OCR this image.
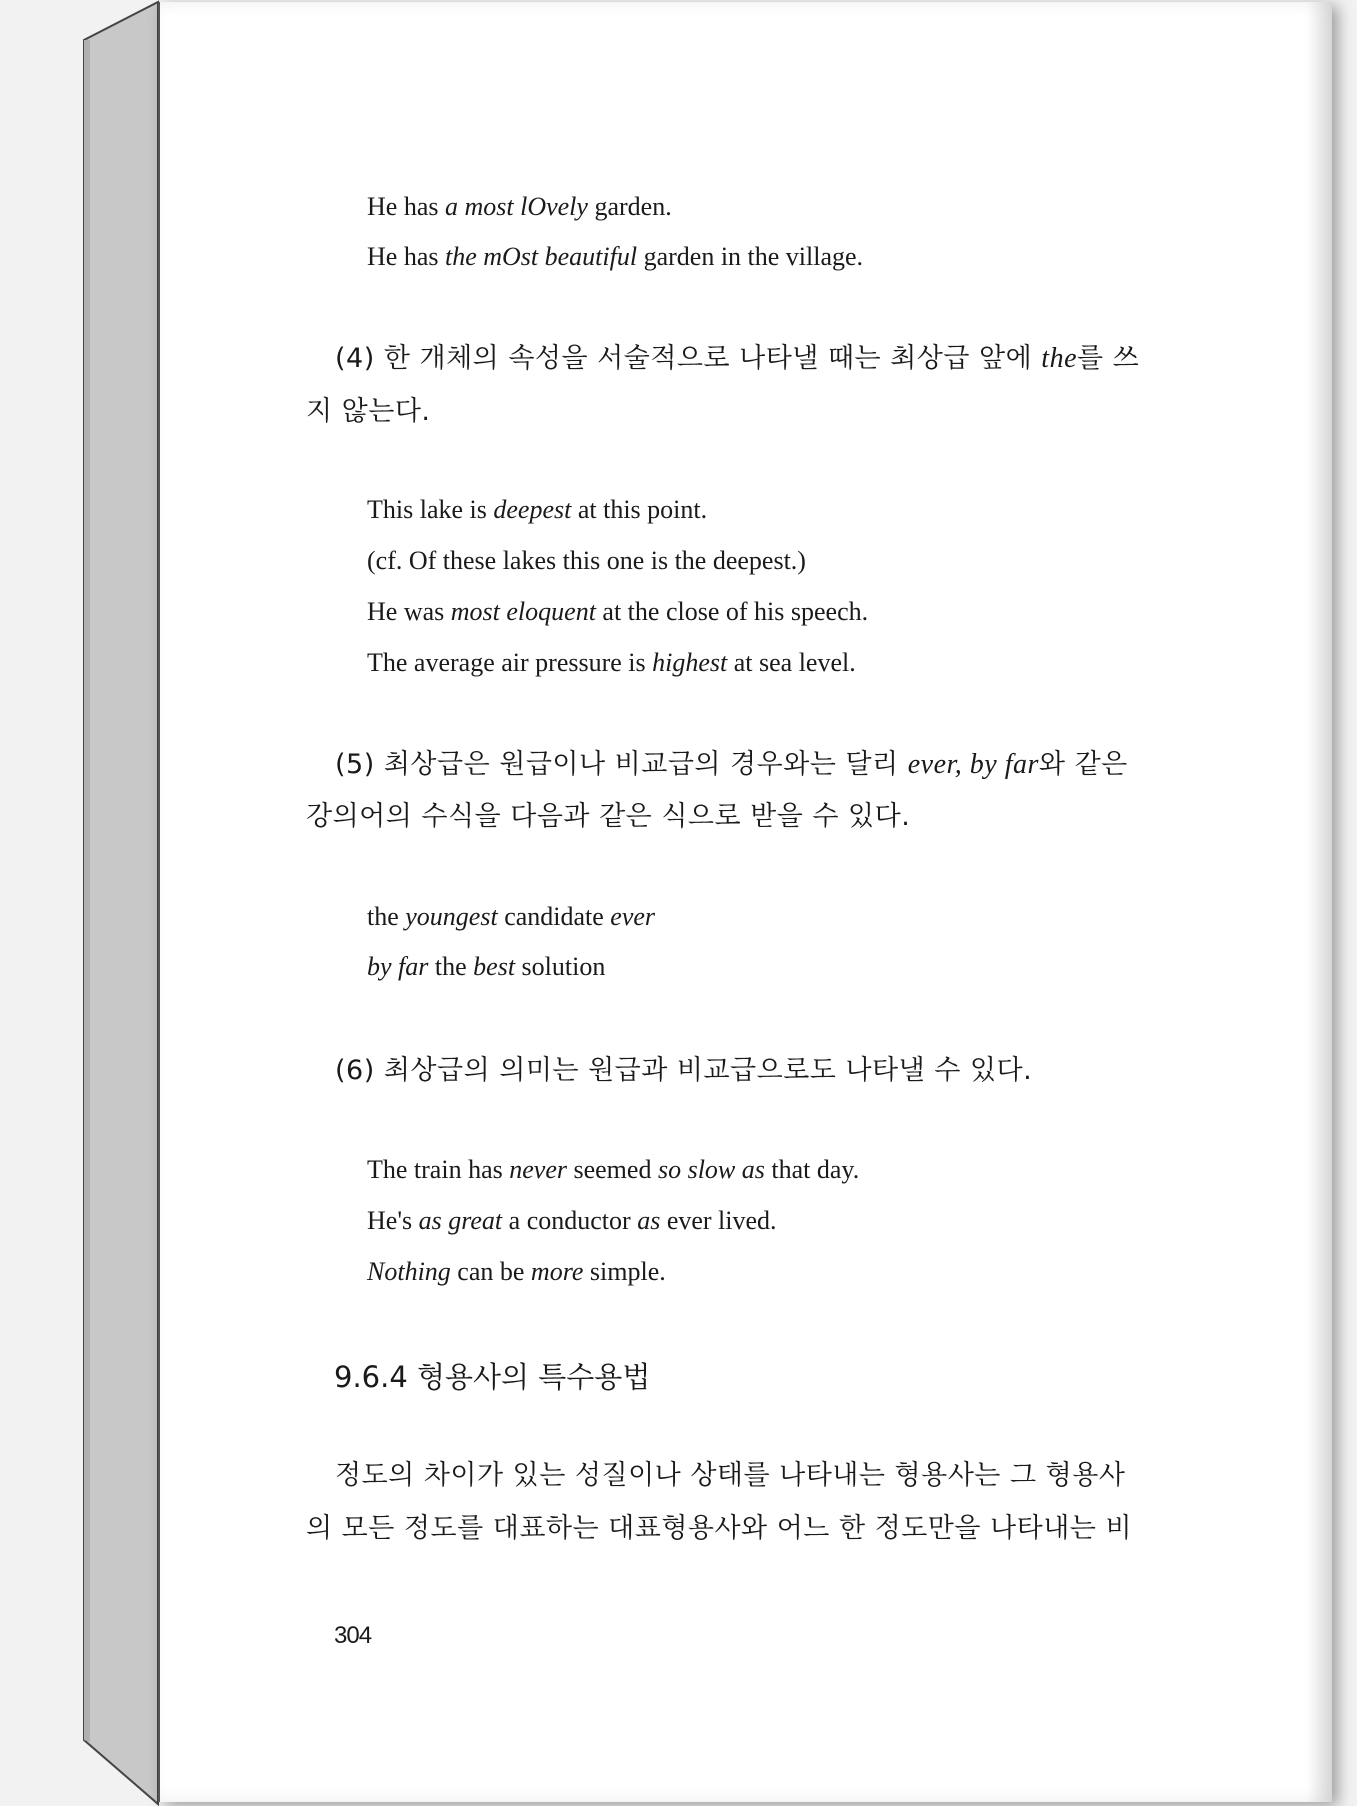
He has a most lOvely garden.

He has the mOst beautiful garden in the village.

(4) 한 개체의 속성을 서술적으로 나타낼 때는 최상급 앞에 the를 쓰

지 않는다.

This lake is deepest at this point.

(cf. Of these lakes this one is the deepest.)

He was most eloquent at the close of his speech.

The average air pressure is highest at sea level.

(5) 최상급은 원급이나 비교급의 경우와는 달리 ever, by far와 같은

강의어의 수식을 다음과 같은 식으로 받을 수 있다.

the youngest candidate ever

by far the best solution

(6) 최상급의 의미는 원급과 비교급으로도 나타낼 수 있다.

The train has never seemed so slow as that day.

He's as great a conductor as ever lived.

Nothing can be more simple.

9.6.4 형용사의 특수용법

정도의 차이가 있는 성질이나 상태를 나타내는 형용사는 그 형용사

의 모든 정도를 대표하는 대표형용사와 어느 한 정도만을 나타내는 비

304
